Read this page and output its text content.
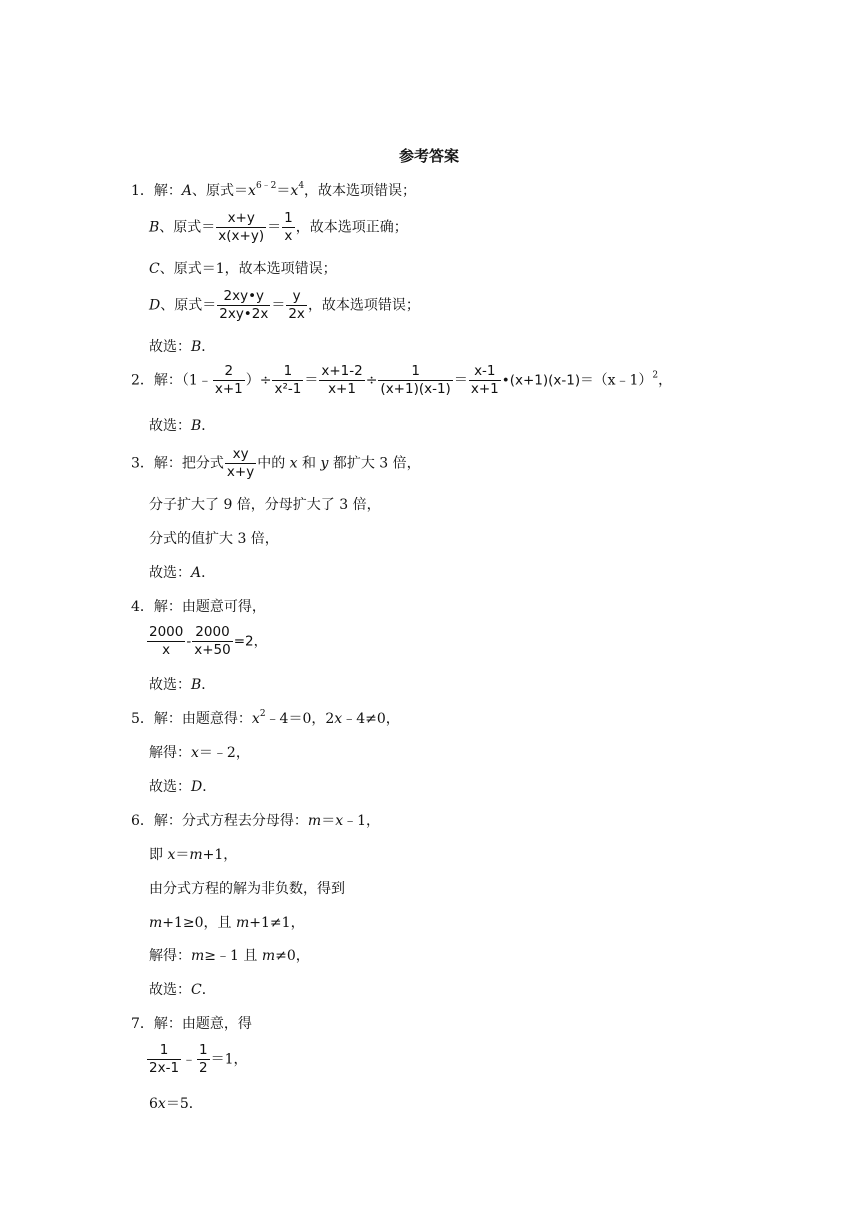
参考答案
1．解：A、原式$=x^{6﹣2}=x^4$，故本选项错误；
B、原式＝ $\frac{x+y}{x(x+y)} = \frac{1}{x}$ ，故本选项正确；
C、原式＝1，故本选项错误；
D、原式＝ $\frac{2xy•y}{2xy•2x} = \frac{y}{2x}$ ，故本选项错误；
故选：B．
2．解：（1﹣ $\frac{2}{x+1}$ ）÷ $\frac{1}{\text{x²-1}} = \frac{x+1-2}{x+1} \div \frac{1}{(x+1)(x-1)} = \frac{x-1}{x+1}$ •(x+1)(x-1)＝（x﹣1）$^2$，
故选：B．
3．解：把分式 $\frac{xy}{x+y}$ 中的 x 和 y 都扩大 3 倍，
分子扩大了 9 倍，分母扩大了 3 倍，
分式的值扩大 3 倍，
故选：A．
4．解：由题意可得，
$\frac{2000}{x} - \frac{2000}{x+50} =2$，
故选：B．
5．解：由题意得：$x^2﹣4=0$，2x﹣4≠0，
解得：x＝﹣2，
故选：D．
6．解：分式方程去分母得：m＝x﹣1，
即 x＝m+1，
由分式方程的解为非负数，得到
m+1≥0，且 m+1≠1，
解得：m≥﹣1 且 m≠0，
故选：C．
7．解：由题意，得
$\frac{1}{2x-1}$ ﹣ $\frac{1}{2} =1$，
6x＝5．
